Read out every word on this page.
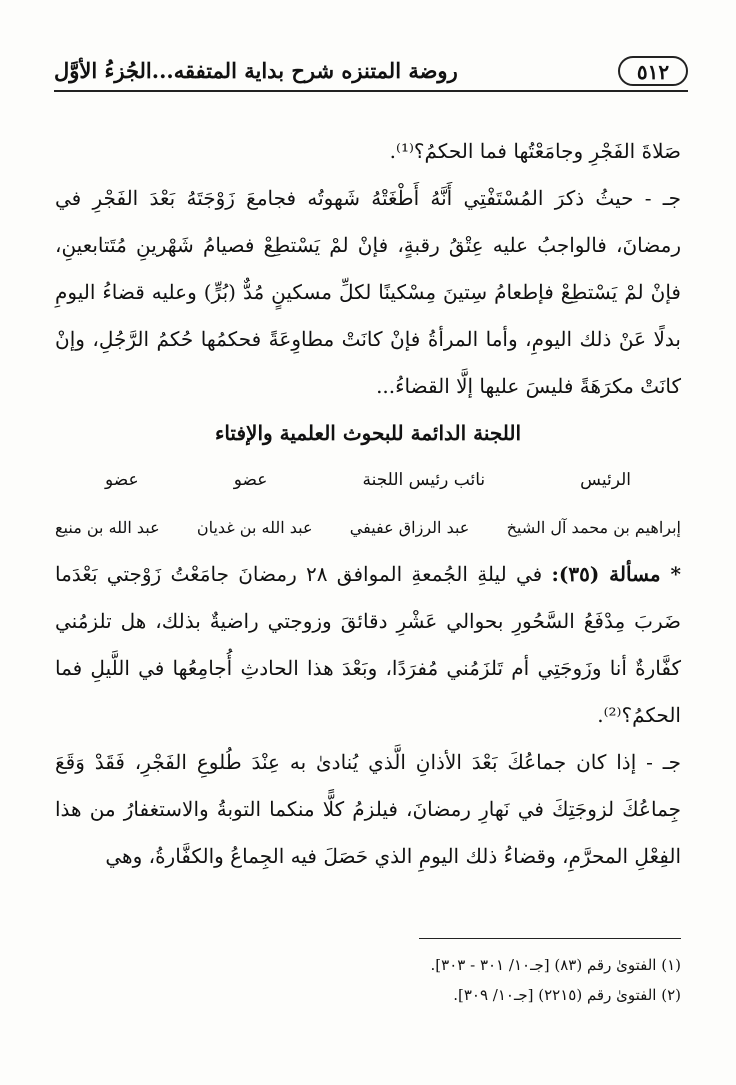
٥١٢
روضة المتنزه شرح بداية المتفقه...الجُزءُ الأوَّل

صَلاةَ الفَجْرِ وجامَعْتُها فما الحكمُ؟⁽¹⁾.

جـ - حيثُ ذكرَ المُسْتَفْتِي أَنَّهُ أَطْغَتْهُ شَهوتُه فجامعَ زَوْجَتَهُ بَعْدَ الفَجْرِ في رمضانَ، فالواجبُ عليه عِتْقُ رقبةٍ، فإنْ لمْ يَسْتطِعْ فصيامُ شَهْرينِ مُتَتابعينِ، فإنْ لمْ يَسْتطِعْ فإطعامُ سِتينَ مِسْكينًا لكلِّ مسكينٍ مُدٌّ (بُرٍّ) وعليه قضاءُ اليومِ بدلًا عَنْ ذلك اليومِ، وأما المرأةُ فإنْ كانَتْ مطاوِعَةً فحكمُها حُكمُ الرَّجُلِ، وإنْ كانَتْ مكرَهَةً فليسَ عليها إلَّا القضاءُ...

اللجنة الدائمة للبحوث العلمية والإفتاء

الرئيس
نائب رئيس اللجنة
عضو
عضو
إبراهيم بن محمد آل الشيخ
عبد الرزاق عفيفي
عبد الله بن غديان
عبد الله بن منيع

* مسألة (٣٥): في ليلةِ الجُمعةِ الموافق ٢٨ رمضانَ جامَعْتُ زَوْجتي بَعْدَما ضَربَ مِدْفَعُ السَّحُورِ بحوالي عَشْرِ دقائقَ وزوجتي راضيةٌ بذلك، هل تلزمُني كفَّارةٌ أنا وزَوجَتِي أم تَلزَمُني مُفرَدًا، وبَعْدَ هذا الحادثِ أُجامِعُها في اللَّيلِ فما الحكمُ؟⁽²⁾.

جـ - إذا كان جماعُكَ بَعْدَ الأذانِ الَّذي يُنادىٰ به عِنْدَ طُلوعِ الفَجْرِ، فَقَدْ وَقَعَ جِماعُكَ لزوجَتِكَ في نَهارِ رمضانَ، فيلزمُ كلًّا منكما التوبةُ والاستغفارُ من هذا الفِعْلِ المحرَّمِ، وقضاءُ ذلك اليومِ الذي حَصَلَ فيه الجِماعُ والكفَّارةُ، وهي

(١) الفتوىٰ رقم (٨٣) [جـ١٠/ ٣٠١ - ٣٠٣].
(٢) الفتوىٰ رقم (٢٢١٥) [جـ١٠/ ٣٠٩].
